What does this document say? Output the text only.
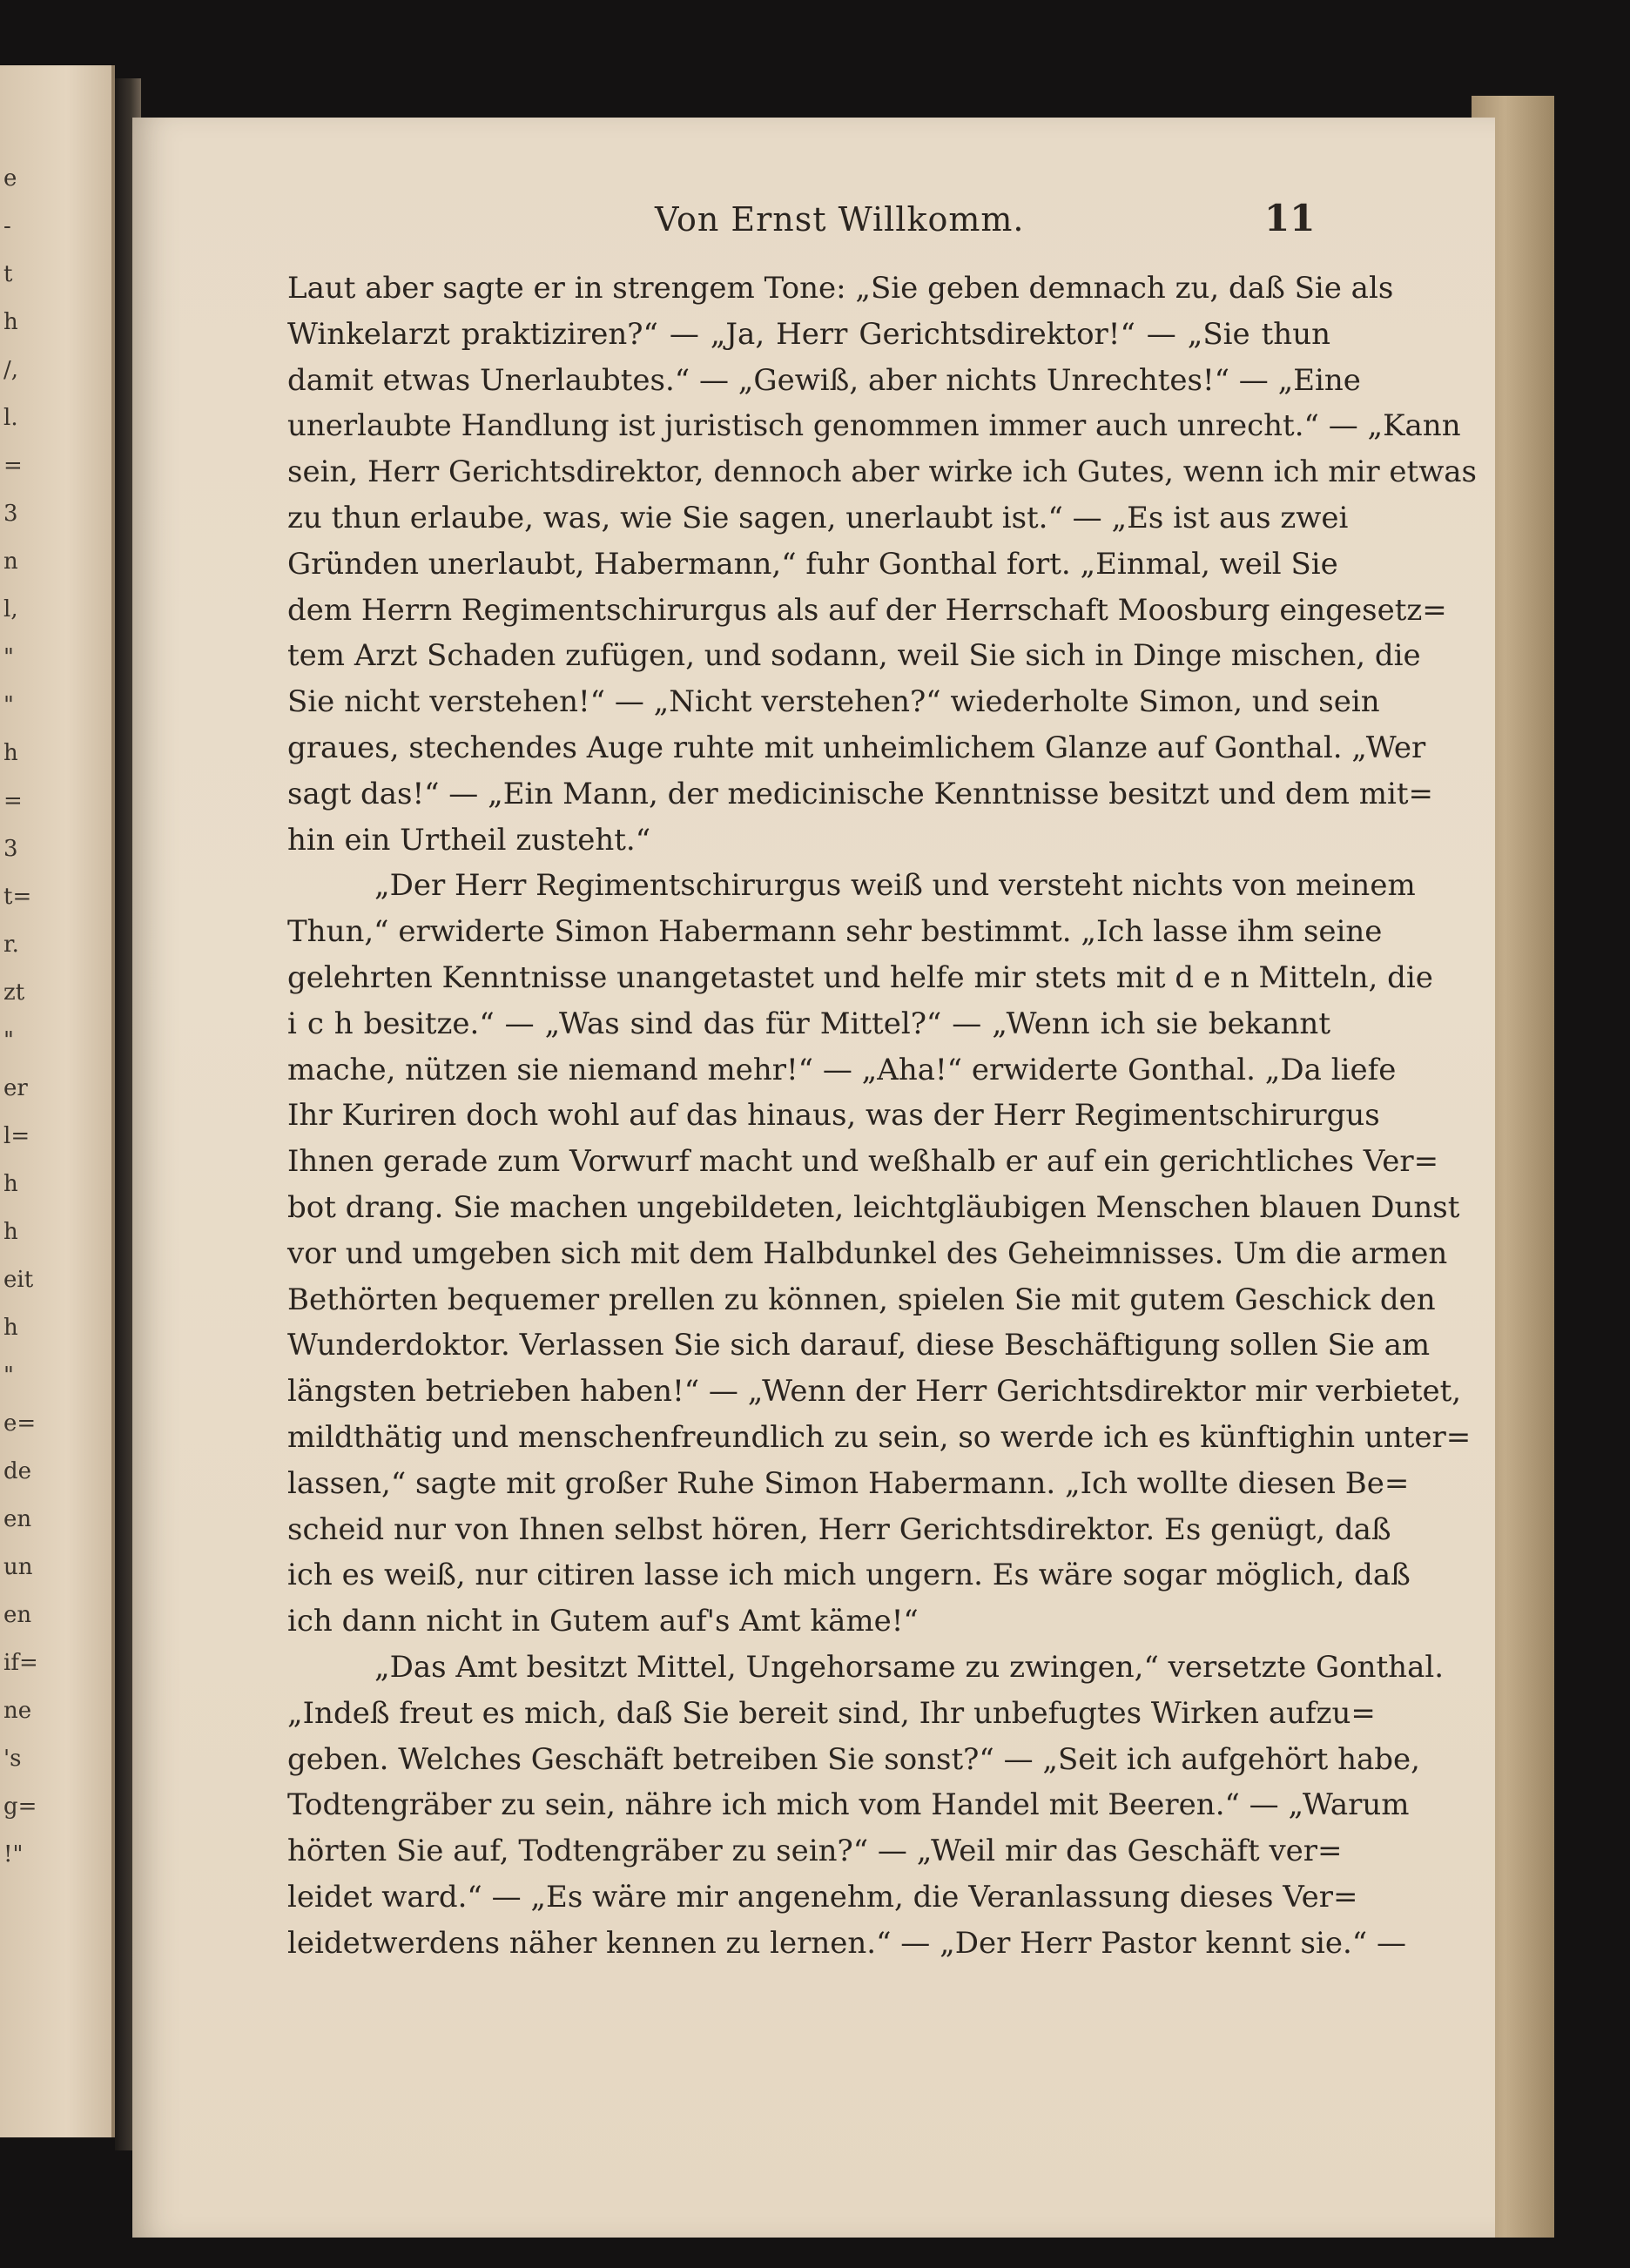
e
-
t
h
/,
l.
=
3
n
l,
"
"
h
=
3
t=
r.
zt
"
er
l=
h
h
eit
h
"
e=
de
en
un
en
if=
ne
's
g=
!"
Von Ernst Willkomm.	11
Laut aber sagte er in strengem Tone: „Sie geben demnach zu, daß Sie als
Winkelarzt praktiziren?“ — „Ja, Herr Gerichtsdirektor!“ — „Sie thun
damit etwas Unerlaubtes.“ — „Gewiß, aber nichts Unrechtes!“ — „Eine
unerlaubte Handlung ist juristisch genommen immer auch unrecht.“ — „Kann
sein, Herr Gerichtsdirektor, dennoch aber wirke ich Gutes, wenn ich mir etwas
zu thun erlaube, was, wie Sie sagen, unerlaubt ist.“ — „Es ist aus zwei
Gründen unerlaubt, Habermann,“ fuhr Gonthal fort. „Einmal, weil Sie
dem Herrn Regimentschirurgus als auf der Herrschaft Moosburg eingesetz=
tem Arzt Schaden zufügen, und sodann, weil Sie sich in Dinge mischen, die
Sie nicht verstehen!“ — „Nicht verstehen?“ wiederholte Simon, und sein
graues, stechendes Auge ruhte mit unheimlichem Glanze auf Gonthal. „Wer
sagt das!“ — „Ein Mann, der medicinische Kenntnisse besitzt und dem mit=
hin ein Urtheil zusteht.“
„Der Herr Regimentschirurgus weiß und versteht nichts von meinem
Thun,“ erwiderte Simon Habermann sehr bestimmt. „Ich lasse ihm seine
gelehrten Kenntnisse unangetastet und helfe mir stets mit d e n Mitteln, die
i c h besitze.“ — „Was sind das für Mittel?“ — „Wenn ich sie bekannt
mache, nützen sie niemand mehr!“ — „Aha!“ erwiderte Gonthal. „Da liefe
Ihr Kuriren doch wohl auf das hinaus, was der Herr Regimentschirurgus
Ihnen gerade zum Vorwurf macht und weßhalb er auf ein gerichtliches Ver=
bot drang. Sie machen ungebildeten, leichtgläubigen Menschen blauen Dunst
vor und umgeben sich mit dem Halbdunkel des Geheimnisses. Um die armen
Bethörten bequemer prellen zu können, spielen Sie mit gutem Geschick den
Wunderdoktor. Verlassen Sie sich darauf, diese Beschäftigung sollen Sie am
längsten betrieben haben!“ — „Wenn der Herr Gerichtsdirektor mir verbietet,
mildthätig und menschenfreundlich zu sein, so werde ich es künftighin unter=
lassen,“ sagte mit großer Ruhe Simon Habermann. „Ich wollte diesen Be=
scheid nur von Ihnen selbst hören, Herr Gerichtsdirektor. Es genügt, daß
ich es weiß, nur citiren lasse ich mich ungern. Es wäre sogar möglich, daß
ich dann nicht in Gutem auf's Amt käme!“
„Das Amt besitzt Mittel, Ungehorsame zu zwingen,“ versetzte Gonthal.
„Indeß freut es mich, daß Sie bereit sind, Ihr unbefugtes Wirken aufzu=
geben. Welches Geschäft betreiben Sie sonst?“ — „Seit ich aufgehört habe,
Todtengräber zu sein, nähre ich mich vom Handel mit Beeren.“ — „Warum
hörten Sie auf, Todtengräber zu sein?“ — „Weil mir das Geschäft ver=
leidet ward.“ — „Es wäre mir angenehm, die Veranlassung dieses Ver=
leidetwerdens näher kennen zu lernen.“ — „Der Herr Pastor kennt sie.“ —
